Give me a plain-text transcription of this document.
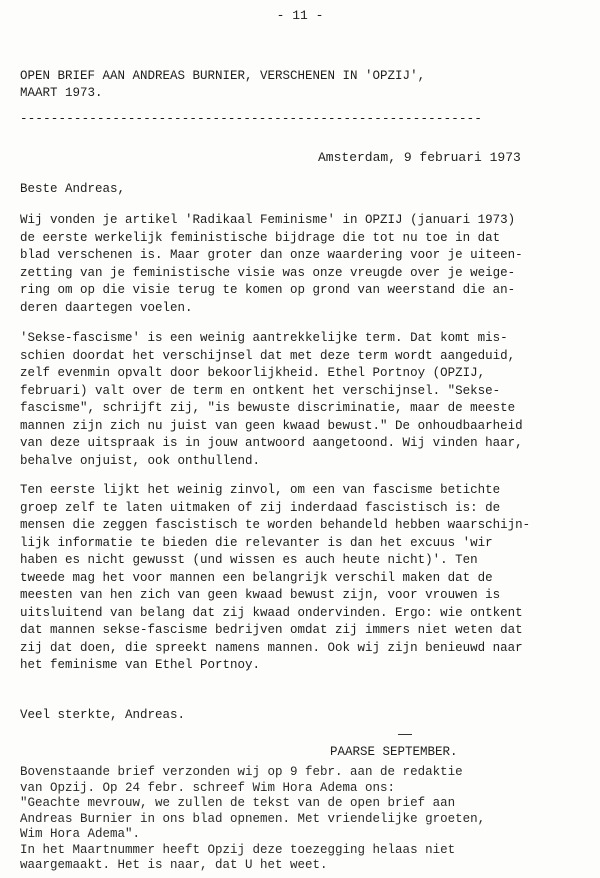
- 11 -
OPEN BRIEF AAN ANDREAS BURNIER, VERSCHENEN IN 'OPZIJ',
MAART 1973.
------------------------------------------------------------
Amsterdam, 9 februari 1973
Beste Andreas,
Wij vonden je artikel 'Radikaal Feminisme' in OPZIJ (januari 1973)
de eerste werkelijk feministische bijdrage die tot nu toe in dat
blad verschenen is. Maar groter dan onze waardering voor je uiteen-
zetting van je feministische visie was onze vreugde over je weige-
ring om op die visie terug te komen op grond van weerstand die an-
deren daartegen voelen.
'Sekse-fascisme' is een weinig aantrekkelijke term. Dat komt mis-
schien doordat het verschijnsel dat met deze term wordt aangeduid,
zelf evenmin opvalt door bekoorlijkheid. Ethel Portnoy (OPZIJ,
februari) valt over de term en ontkent het verschijnsel. "Sekse-
fascisme", schrijft zij, "is bewuste discriminatie, maar de meeste
mannen zijn zich nu juist van geen kwaad bewust." De onhoudbaarheid
van deze uitspraak is in jouw antwoord aangetoond. Wij vinden haar,
behalve onjuist, ook onthullend.
Ten eerste lijkt het weinig zinvol, om een van fascisme betichte
groep zelf te laten uitmaken of zij inderdaad fascistisch is: de
mensen die zeggen fascistisch te worden behandeld hebben waarschijn-
lijk informatie te bieden die relevanter is dan het excuus 'wir
haben es nicht gewusst (und wissen es auch heute nicht)'. Ten
tweede mag het voor mannen een belangrijk verschil maken dat de
meesten van hen zich van geen kwaad bewust zijn, voor vrouwen is
uitsluitend van belang dat zij kwaad ondervinden. Ergo: wie ontkent
dat mannen sekse-fascisme bedrijven omdat zij immers niet weten dat
zij dat doen, die spreekt namens mannen. Ook wij zijn benieuwd naar
het feminisme van Ethel Portnoy.
Veel sterkte, Andreas.
PAARSE SEPTEMBER.
Bovenstaande brief verzonden wij op 9 febr. aan de redaktie
van Opzij. Op 24 febr. schreef Wim Hora Adema ons:
"Geachte mevrouw, we zullen de tekst van de open brief aan
Andreas Burnier in ons blad opnemen. Met vriendelijke groeten,
Wim Hora Adema".
In het Maartnummer heeft Opzij deze toezegging helaas niet
waargemaakt. Het is naar, dat U het weet.
